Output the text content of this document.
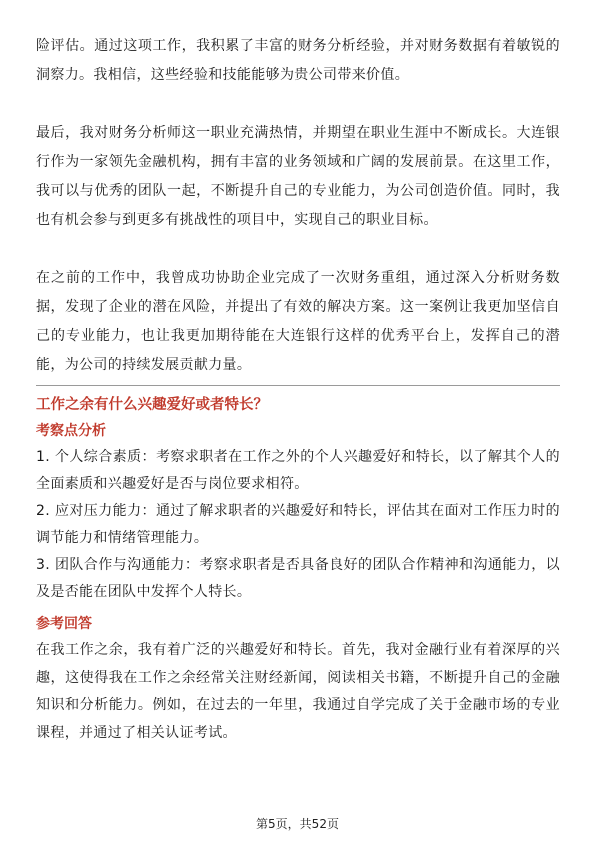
险评估。通过这项工作，我积累了丰富的财务分析经验，并对财务数据有着敏锐的洞察力。我相信，这些经验和技能能够为贵公司带来价值。

最后，我对财务分析师这一职业充满热情，并期望在职业生涯中不断成长。大连银行作为一家领先金融机构，拥有丰富的业务领域和广阔的发展前景。在这里工作，我可以与优秀的团队一起，不断提升自己的专业能力，为公司创造价值。同时，我也有机会参与到更多有挑战性的项目中，实现自己的职业目标。

在之前的工作中，我曾成功协助企业完成了一次财务重组，通过深入分析财务数据，发现了企业的潜在风险，并提出了有效的解决方案。这一案例让我更加坚信自己的专业能力，也让我更加期待能在大连银行这样的优秀平台上，发挥自己的潜能，为公司的持续发展贡献力量。

工作之余有什么兴趣爱好或者特长？

考察点分析

1. 个人综合素质：考察求职者在工作之外的个人兴趣爱好和特长，以了解其个人的全面素质和兴趣爱好是否与岗位要求相符。

2. 应对压力能力：通过了解求职者的兴趣爱好和特长，评估其在面对工作压力时的调节能力和情绪管理能力。

3. 团队合作与沟通能力：考察求职者是否具备良好的团队合作精神和沟通能力，以及是否能在团队中发挥个人特长。

参考回答

在我工作之余，我有着广泛的兴趣爱好和特长。首先，我对金融行业有着深厚的兴趣，这使得我在工作之余经常关注财经新闻，阅读相关书籍，不断提升自己的金融知识和分析能力。例如，在过去的一年里，我通过自学完成了关于金融市场的专业课程，并通过了相关认证考试。

第5页，共52页
